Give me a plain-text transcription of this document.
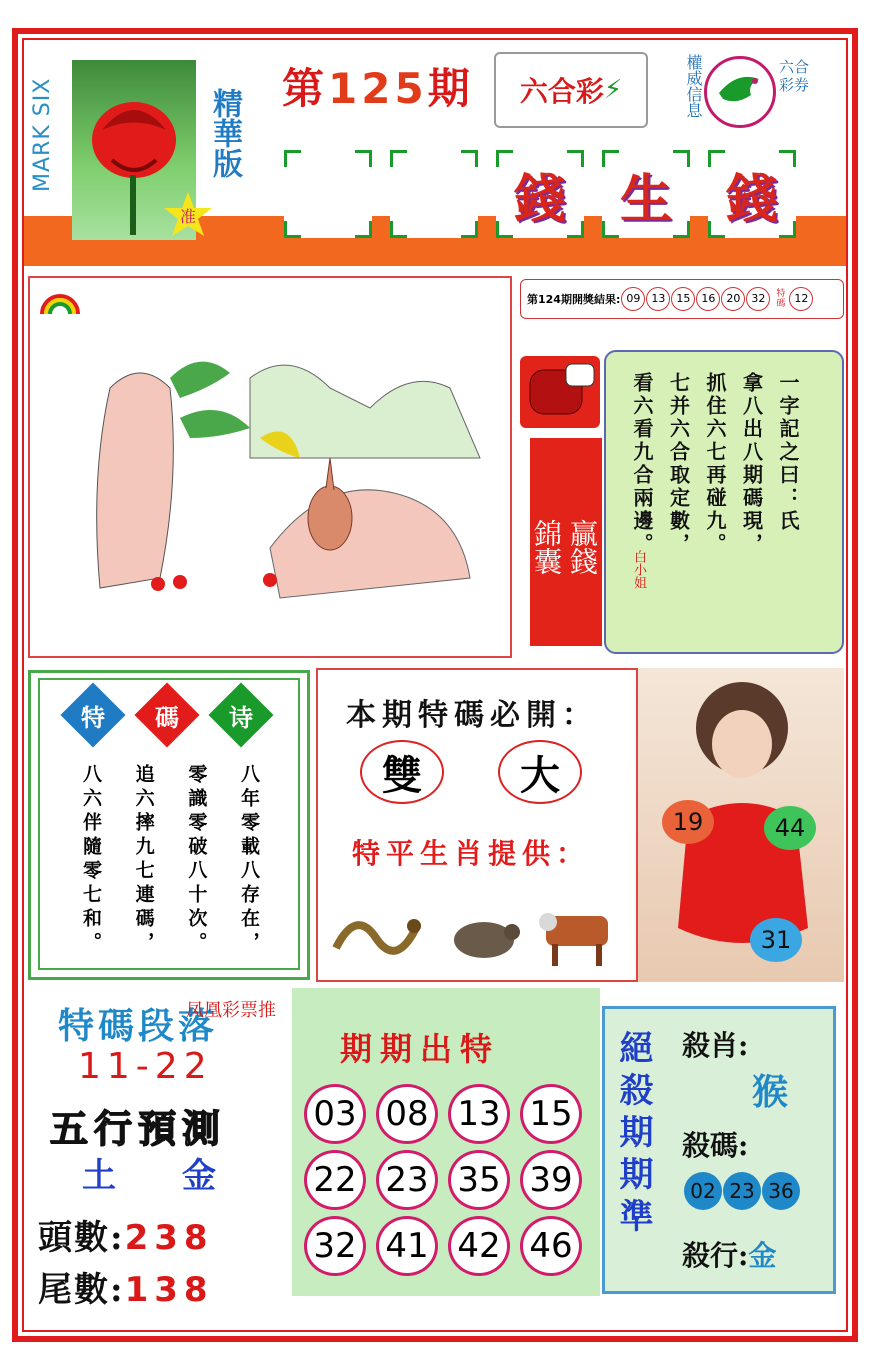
MARK SIX
准
精華版 第125期 六合彩 ⚡	權威信息	六合彩券
錢	生	錢
第124期開獎結果: 09	13	15	16	20	32	特碼 12
錦囊 贏錢
一字記之曰：氏
拿八出八期碼現，
抓住六七再碰九。
七并六合取定數，
看六看九合兩邊。
白小姐
特	碼	诗
八年零載八存在，
零識零破八十次。
追六摔九七連碼，
八六伴隨零七和。
本期特碼必開：
雙 大
特平生肖提供：
19	44
31
特碼段落
凤凰彩票推
11-22
五行預測
土 金
頭數:238
尾數:138
期期出特
03 08 13 15
22 23 35 39
32 41 42 46
絕殺期期準 殺肖:
猴
殺碼:
02 23 36
殺行:金
